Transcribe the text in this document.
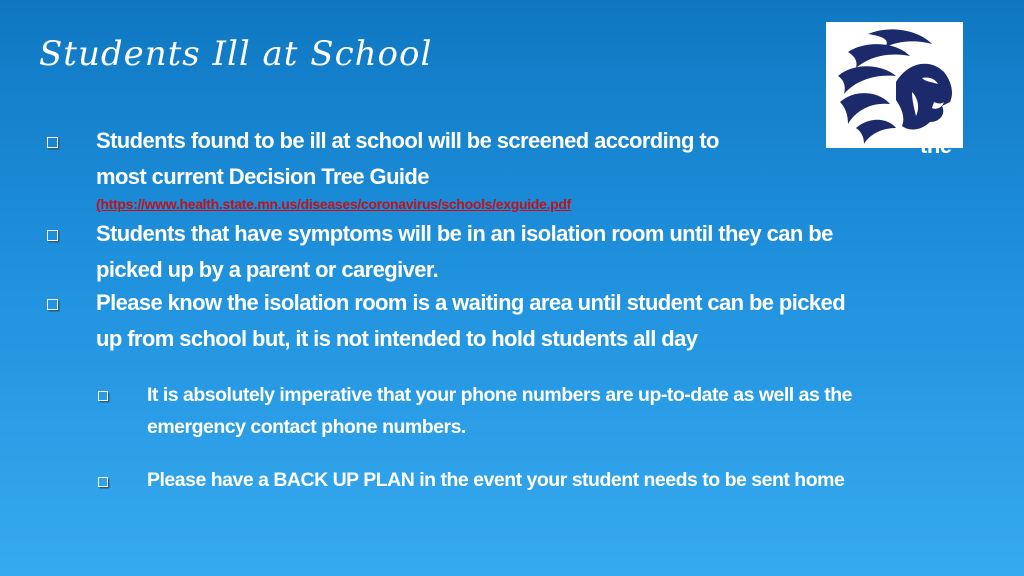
Students Ill at School
Students found to be ill at school will be screened according to
most current Decision Tree Guide
(https://www.health.state.mn.us/diseases/coronavirus/schools/exguide.pdf
Students that have symptoms will be in an isolation room until they can be
picked up by a parent or caregiver.
Please know the isolation room is a waiting area until student can be picked
up from school but, it is not intended to hold students all day
It is absolutely imperative that your phone numbers are up-to-date as well as the
emergency contact phone numbers.
Please have a BACK UP PLAN in the event your student needs to be sent home
